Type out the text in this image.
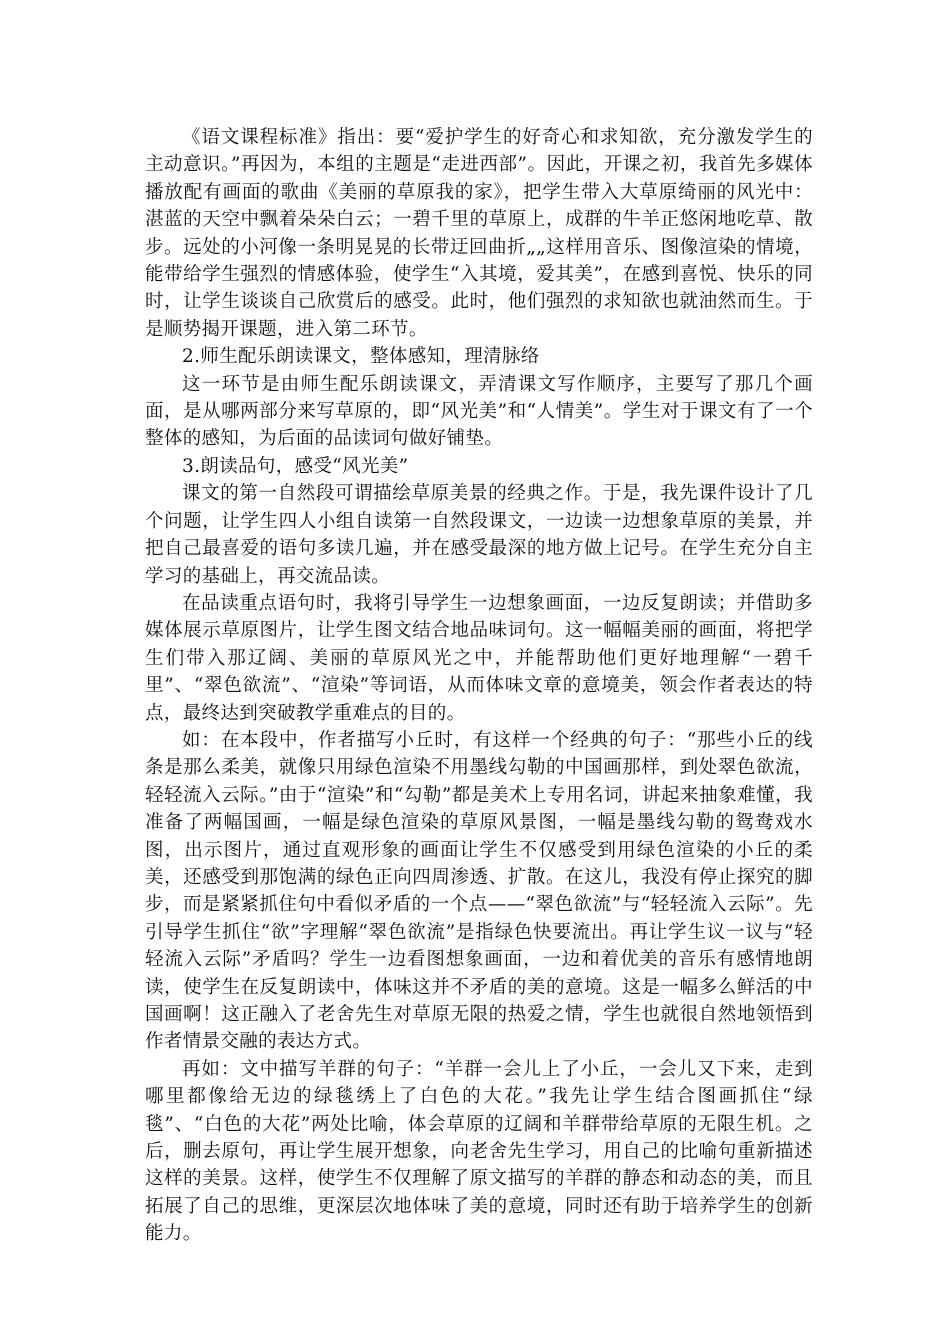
《语文课程标准》指出：要“爱护学生的好奇心和求知欲，充分激发学生的主动意识。”再因为，本组的主题是“走进西部”。因此，开课之初，我首先多媒体播放配有画面的歌曲《美丽的草原我的家》，把学生带入大草原绮丽的风光中：湛蓝的天空中飘着朵朵白云；一碧千里的草原上，成群的牛羊正悠闲地吃草、散步。远处的小河像一条明晃晃的长带迂回曲折„„这样用音乐、图像渲染的情境，能带给学生强烈的情感体验，使学生“入其境，爱其美”，在感到喜悦、快乐的同时，让学生谈谈自己欣赏后的感受。此时，他们强烈的求知欲也就油然而生。于是顺势揭开课题，进入第二环节。

2.师生配乐朗读课文，整体感知，理清脉络

这一环节是由师生配乐朗读课文，弄清课文写作顺序，主要写了那几个画面，是从哪两部分来写草原的，即“风光美”和“人情美”。学生对于课文有了一个整体的感知，为后面的品读词句做好铺垫。

3.朗读品句，感受“风光美”

课文的第一自然段可谓描绘草原美景的经典之作。于是，我先课件设计了几个问题，让学生四人小组自读第一自然段课文，一边读一边想象草原的美景，并把自己最喜爱的语句多读几遍，并在感受最深的地方做上记号。在学生充分自主学习的基础上，再交流品读。

在品读重点语句时，我将引导学生一边想象画面，一边反复朗读；并借助多媒体展示草原图片，让学生图文结合地品味词句。这一幅幅美丽的画面，将把学生们带入那辽阔、美丽的草原风光之中，并能帮助他们更好地理解“一碧千里”、“翠色欲流”、“渲染”等词语，从而体味文章的意境美，领会作者表达的特点，最终达到突破教学重难点的目的。

如：在本段中，作者描写小丘时，有这样一个经典的句子：“那些小丘的线条是那么柔美，就像只用绿色渲染不用墨线勾勒的中国画那样，到处翠色欲流，轻轻流入云际。”由于“渲染”和“勾勒”都是美术上专用名词，讲起来抽象难懂，我准备了两幅国画，一幅是绿色渲染的草原风景图，一幅是墨线勾勒的鸳鸯戏水图，出示图片，通过直观形象的画面让学生不仅感受到用绿色渲染的小丘的柔美，还感受到那饱满的绿色正向四周渗透、扩散。在这儿，我没有停止探究的脚步，而是紧紧抓住句中看似矛盾的一个点——“翠色欲流”与“轻轻流入云际”。先引导学生抓住“欲”字理解“翠色欲流”是指绿色快要流出。再让学生议一议与“轻轻流入云际”矛盾吗？学生一边看图想象画面，一边和着优美的音乐有感情地朗读，使学生在反复朗读中，体味这并不矛盾的美的意境。这是一幅多么鲜活的中国画啊！这正融入了老舍先生对草原无限的热爱之情，学生也就很自然地领悟到作者情景交融的表达方式。

再如：文中描写羊群的句子：“羊群一会儿上了小丘，一会儿又下来，走到哪里都像给无边的绿毯绣上了白色的大花。”我先让学生结合图画抓住“绿毯”、“白色的大花”两处比喻，体会草原的辽阔和羊群带给草原的无限生机。之后，删去原句，再让学生展开想象，向老舍先生学习，用自己的比喻句重新描述这样的美景。这样，使学生不仅理解了原文描写的羊群的静态和动态的美，而且拓展了自己的思维，更深层次地体味了美的意境，同时还有助于培养学生的创新能力。
